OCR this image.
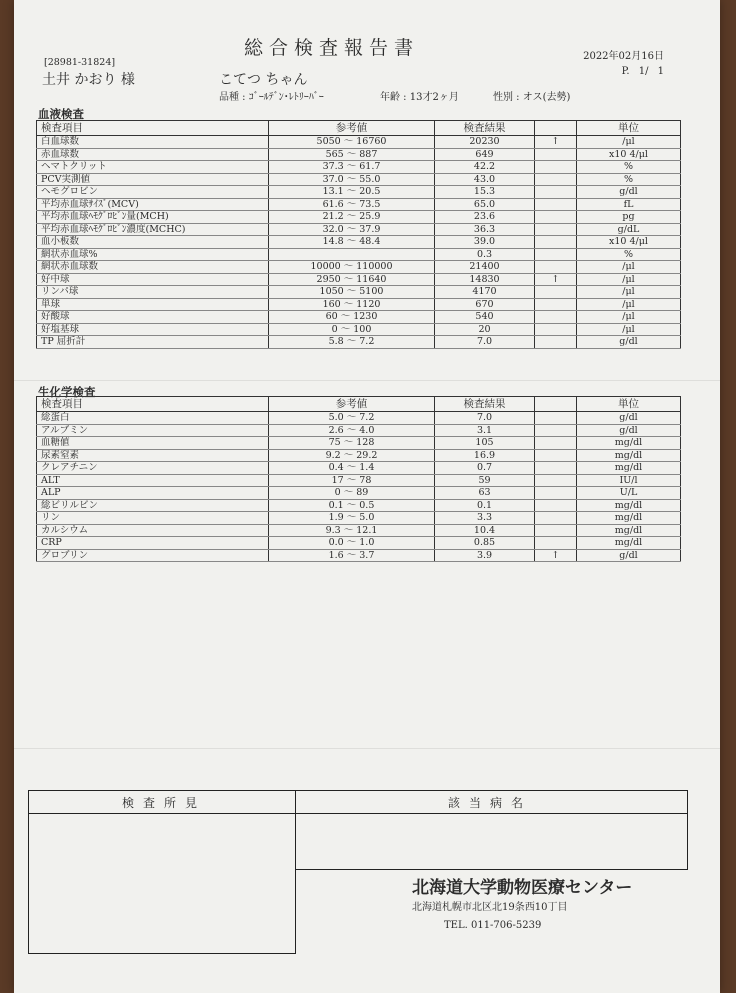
総合検査報告書	2022年02月16日
P. 1/ 1
[28981-31824]
土井 かおり 様	こてつ ちゃん
品種 : ｺﾞｰﾙﾃﾞﾝ･ﾚﾄﾘｰﾊﾞｰ	年齢 : 13才2ヶ月	性別 : オス(去勢)
血液検査
検査項目	参考値	検査結果		単位
白血球数	5050 ～ 16760	20230	↑	/μl
赤血球数	565 ～ 887	649		x10 4/μl
ヘマトクリット	37.3 ～ 61.7	42.2		%
PCV実測値	37.0 ～ 55.0	43.0		%
ヘモグロビン	13.1 ～ 20.5	15.3		g/dl
平均赤血球ｻｲｽﾞ(MCV)	61.6 ～ 73.5	65.0		fL
平均赤血球ﾍﾓｸﾞﾛﾋﾞﾝ量(MCH)	21.2 ～ 25.9	23.6		pg
平均赤血球ﾍﾓｸﾞﾛﾋﾞﾝ濃度(MCHC)	32.0 ～ 37.9	36.3		g/dL
血小板数	14.8 ～ 48.4	39.0		x10 4/μl
網状赤血球%		0.3		%
網状赤血球数	10000 ～ 110000	21400		/μl
好中球	2950 ～ 11640	14830	↑	/μl
リンパ球	1050 ～ 5100	4170		/μl
単球	160 ～ 1120	670		/μl
好酸球	60 ～ 1230	540		/μl
好塩基球	0 ～ 100	20		/μl
TP 屈折計	5.8 ～ 7.2	7.0		g/dl
生化学検査
検査項目	参考値	検査結果		単位
総蛋白	5.0 ～ 7.2	7.0		g/dl
アルブミン	2.6 ～ 4.0	3.1		g/dl
血糖値	75 ～ 128	105		mg/dl
尿素窒素	9.2 ～ 29.2	16.9		mg/dl
クレアチニン	0.4 ～ 1.4	0.7		mg/dl
ALT	17 ～ 78	59		IU/l
ALP	0 ～ 89	63		U/L
総ビリルビン	0.1 ～ 0.5	0.1		mg/dl
リン	1.9 ～ 5.0	3.3		mg/dl
カルシウム	9.3 ～ 12.1	10.4		mg/dl
CRP	0.0 ～ 1.0	0.85		mg/dl
グロブリン	1.6 ～ 3.7	3.9	↑	g/dl
検査所見	該当病名
北海道大学動物医療センター
北海道札幌市北区北19条西10丁目
TEL. 011-706-5239
